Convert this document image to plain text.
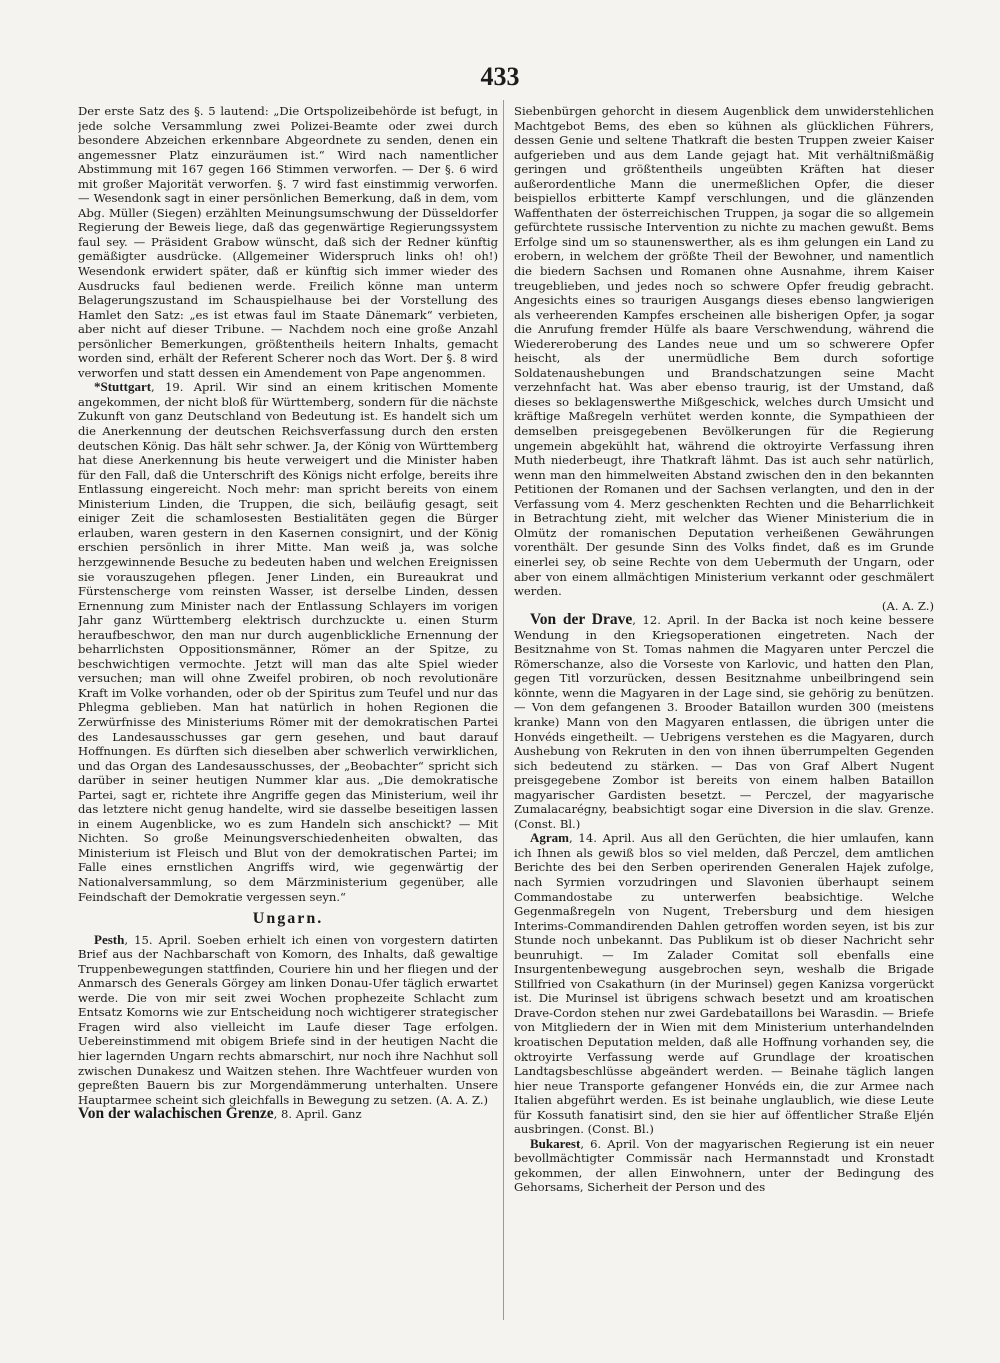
433

Der erste Satz des §. 5 lautend: „Die Ortspolizeibehörde ist befugt, in jede solche Versammlung zwei Polizei-Beamte oder zwei durch besondere Abzeichen erkennbare Abgeordnete zu senden, denen ein angemessner Platz einzuräumen ist.“ Wird nach namentlicher Abstimmung mit 167 gegen 166 Stimmen verworfen. — Der §. 6 wird mit großer Majorität verworfen. §. 7 wird fast einstimmig verworfen. — Wesendonk sagt in einer persönlichen Bemerkung, daß in dem, vom Abg. Müller (Siegen) erzählten Meinungsumschwung der Düsseldorfer Regierung der Beweis liege, daß das gegenwärtige Regierungssystem faul sey. — Präsident Grabow wünscht, daß sich der Redner künftig gemäßigter ausdrücke. (Allgemeiner Widerspruch links oh! oh!) Wesendonk erwidert später, daß er künftig sich immer wieder des Ausdrucks faul bedienen werde. Freilich könne man unterm Belagerungszustand im Schauspielhause bei der Vorstellung des Hamlet den Satz: „es ist etwas faul im Staate Dänemark“ verbieten, aber nicht auf dieser Tribune. — Nachdem noch eine große Anzahl persönlicher Bemerkungen, größtentheils heitern Inhalts, gemacht worden sind, erhält der Referent Scherer noch das Wort. Der §. 8 wird verworfen und statt dessen ein Amendement von Pape angenommen.

*Stuttgart, 19. April. Wir sind an einem kritischen Momente angekommen, der nicht bloß für Württemberg, sondern für die nächste Zukunft von ganz Deutschland von Bedeutung ist. Es handelt sich um die Anerkennung der deutschen Reichsverfassung durch den ersten deutschen König. Das hält sehr schwer. Ja, der König von Württemberg hat diese Anerkennung bis heute verweigert und die Minister haben für den Fall, daß die Unterschrift des Königs nicht erfolge, bereits ihre Entlassung eingereicht. Noch mehr: man spricht bereits von einem Ministerium Linden, die Truppen, die sich, beiläufig gesagt, seit einiger Zeit die schamlosesten Bestialitäten gegen die Bürger erlauben, waren gestern in den Kasernen consignirt, und der König erschien persönlich in ihrer Mitte. Man weiß ja, was solche herzgewinnende Besuche zu bedeuten haben und welchen Ereignissen sie vorauszugehen pflegen. Jener Linden, ein Bureaukrat und Fürstenscherge vom reinsten Wasser, ist derselbe Linden, dessen Ernennung zum Minister nach der Entlassung Schlayers im vorigen Jahr ganz Württemberg elektrisch durchzuckte u. einen Sturm heraufbeschwor, den man nur durch augenblickliche Ernennung der beharrlichsten Oppositionsmänner, Römer an der Spitze, zu beschwichtigen vermochte. Jetzt will man das alte Spiel wieder versuchen; man will ohne Zweifel probiren, ob noch revolutionäre Kraft im Volke vorhanden, oder ob der Spiritus zum Teufel und nur das Phlegma geblieben. Man hat natürlich in hohen Regionen die Zerwürfnisse des Ministeriums Römer mit der demokratischen Partei des Landesausschusses gar gern gesehen, und baut darauf Hoffnungen. Es dürften sich dieselben aber schwerlich verwirklichen, und das Organ des Landesausschusses, der „Beobachter“ spricht sich darüber in seiner heutigen Nummer klar aus. „Die demokratische Partei, sagt er, richtete ihre Angriffe gegen das Ministerium, weil ihr das letztere nicht genug handelte, wird sie dasselbe beseitigen lassen in einem Augenblicke, wo es zum Handeln sich anschickt? — Mit Nichten. So große Meinungsverschiedenheiten obwalten, das Ministerium ist Fleisch und Blut von der demokratischen Partei; im Falle eines ernstlichen Angriffs wird, wie gegenwärtig der Nationalversammlung, so dem Märzministerium gegenüber, alle Feindschaft der Demokratie vergessen seyn.“

Ungarn.

Pesth, 15. April. Soeben erhielt ich einen von vorgestern datirten Brief aus der Nachbarschaft von Komorn, des Inhalts, daß gewaltige Truppenbewegungen stattfinden, Couriere hin und her fliegen und der Anmarsch des Generals Görgey am linken Donau-Ufer täglich erwartet werde. Die von mir seit zwei Wochen prophezeite Schlacht zum Entsatz Komorns wie zur Entscheidung noch wichtigerer strategischer Fragen wird also vielleicht im Laufe dieser Tage erfolgen. Uebereinstimmend mit obigem Briefe sind in der heutigen Nacht die hier lagernden Ungarn rechts abmarschirt, nur noch ihre Nachhut soll zwischen Dunakesz und Waitzen stehen. Ihre Wachtfeuer wurden von gepreßten Bauern bis zur Morgendämmerung unterhalten. Unsere Hauptarmee scheint sich gleichfalls in Bewegung zu setzen. (A. A. Z.)

Von der walachischen Grenze, 8. April. Ganz

Siebenbürgen gehorcht in diesem Augenblick dem unwiderstehlichen Machtgebot Bems, des eben so kühnen als glücklichen Führers, dessen Genie und seltene Thatkraft die besten Truppen zweier Kaiser aufgerieben und aus dem Lande gejagt hat. Mit verhältnißmäßig geringen und größtentheils ungeübten Kräften hat dieser außerordentliche Mann die unermeßlichen Opfer, die dieser beispiellos erbitterte Kampf verschlungen, und die glänzenden Waffenthaten der österreichischen Truppen, ja sogar die so allgemein gefürchtete russische Intervention zu nichte zu machen gewußt. Bems Erfolge sind um so staunenswerther, als es ihm gelungen ein Land zu erobern, in welchem der größte Theil der Bewohner, und namentlich die biedern Sachsen und Romanen ohne Ausnahme, ihrem Kaiser treugeblieben, und jedes noch so schwere Opfer freudig gebracht. Angesichts eines so traurigen Ausgangs dieses ebenso langwierigen als verheerenden Kampfes erscheinen alle bisherigen Opfer, ja sogar die Anrufung fremder Hülfe als baare Verschwendung, während die Wiedereroberung des Landes neue und um so schwerere Opfer heischt, als der unermüdliche Bem durch sofortige Soldatenaushebungen und Brandschatzungen seine Macht verzehnfacht hat. Was aber ebenso traurig, ist der Umstand, daß dieses so beklagenswerthe Mißgeschick, welches durch Umsicht und kräftige Maßregeln verhütet werden konnte, die Sympathieen der demselben preisgegebenen Bevölkerungen für die Regierung ungemein abgekühlt hat, während die oktroyirte Verfassung ihren Muth niederbeugt, ihre Thatkraft lähmt. Das ist auch sehr natürlich, wenn man den himmelweiten Abstand zwischen den in den bekannten Petitionen der Romanen und der Sachsen verlangten, und den in der Verfassung vom 4. Merz geschenkten Rechten und die Beharrlichkeit in Betrachtung zieht, mit welcher das Wiener Ministerium die in Olmütz der romanischen Deputation verheißenen Gewährungen vorenthält. Der gesunde Sinn des Volks findet, daß es im Grunde einerlei sey, ob seine Rechte von dem Uebermuth der Ungarn, oder aber von einem allmächtigen Ministerium verkannt oder geschmälert werden.

(A. A. Z.)

Von der Drave, 12. April. In der Backa ist noch keine bessere Wendung in den Kriegsoperationen eingetreten. Nach der Besitznahme von St. Tomas nahmen die Magyaren unter Perczel die Römerschanze, also die Vorseste von Karlovic, und hatten den Plan, gegen Titl vorzurücken, dessen Besitznahme unbeilbringend sein könnte, wenn die Magyaren in der Lage sind, sie gehörig zu benützen. — Von dem gefangenen 3. Brooder Bataillon wurden 300 (meistens kranke) Mann von den Magyaren entlassen, die übrigen unter die Honvéds eingetheilt. — Uebrigens verstehen es die Magyaren, durch Aushebung von Rekruten in den von ihnen überrumpelten Gegenden sich bedeutend zu stärken. — Das von Graf Albert Nugent preisgegebene Zombor ist bereits von einem halben Bataillon magyarischer Gardisten besetzt. — Perczel, der magyarische Zumalacarégny, beabsichtigt sogar eine Diversion in die slav. Grenze. (Const. Bl.)

Agram, 14. April. Aus all den Gerüchten, die hier umlaufen, kann ich Ihnen als gewiß blos so viel melden, daß Perczel, dem amtlichen Berichte des bei den Serben operirenden Generalen Hajek zufolge, nach Syrmien vorzudringen und Slavonien überhaupt seinem Commandostabe zu unterwerfen beabsichtige. Welche Gegenmaßregeln von Nugent, Trebersburg und dem hiesigen Interims-Commandirenden Dahlen getroffen worden seyen, ist bis zur Stunde noch unbekannt. Das Publikum ist ob dieser Nachricht sehr beunruhigt. — Im Zalader Comitat soll ebenfalls eine Insurgentenbewegung ausgebrochen seyn, weshalb die Brigade Stillfried von Csakathurn (in der Murinsel) gegen Kanizsa vorgerückt ist. Die Murinsel ist übrigens schwach besetzt und am kroatischen Drave-Cordon stehen nur zwei Gardebataillons bei Warasdin. — Briefe von Mitgliedern der in Wien mit dem Ministerium unterhandelnden kroatischen Deputation melden, daß alle Hoffnung vorhanden sey, die oktroyirte Verfassung werde auf Grundlage der kroatischen Landtagsbeschlüsse abgeändert werden. — Beinahe täglich langen hier neue Transporte gefangener Honvéds ein, die zur Armee nach Italien abgeführt werden. Es ist beinahe unglaublich, wie diese Leute für Kossuth fanatisirt sind, den sie hier auf öffentlicher Straße Eljén ausbringen. (Const. Bl.)

Bukarest, 6. April. Von der magyarischen Regierung ist ein neuer bevollmächtigter Commissär nach Hermannstadt und Kronstadt gekommen, der allen Einwohnern, unter der Bedingung des Gehorsams, Sicherheit der Person und des
